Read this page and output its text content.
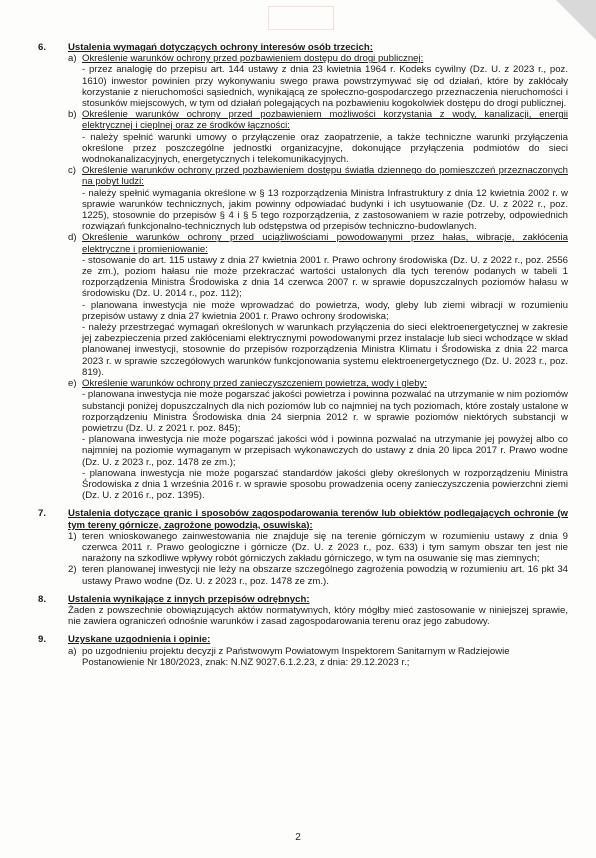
6. Ustalenia wymagań dotyczących ochrony interesów osób trzecich:
a) Określenie warunków ochrony przed pozbawieniem dostępu do drogi publicznej:

- przez analogię do przepisu art. 144 ustawy z dnia 23 kwietnia 1964 r. Kodeks cywilny (Dz. U. z 2023 r., poz. 1610) inwestor powinien przy wykonywaniu swego prawa powstrzymywać się od działań, które by zakłócały korzystanie z nieruchomości sąsiednich, wynikającą ze społeczno-gospodarczego przeznaczenia nieruchomości i stosunków miejscowych, w tym od działań polegających na pozbawieniu kogokolwiek dostępu do drogi publicznej.

b) Określenie warunków ochrony przed pozbawieniem możliwości korzystania z wody, kanalizacji, energii elektrycznej i cieplnej oraz ze środków łączności:

- należy spełnić warunki umowy o przyłączenie oraz zaopatrzenie, a także techniczne warunki przyłączenia określone przez poszczególne jednostki organizacyjne, dokonujące przyłączenia podmiotów do sieci wodnokanalizacyjnych, energetycznych i telekomunikacyjnych.

c) Określenie warunków ochrony przed pozbawieniem dostępu światła dziennego do pomieszczeń przeznaczonych na pobyt ludzi:

- należy spełnić wymagania określone w § 13 rozporządzenia Ministra Infrastruktury z dnia 12 kwietnia 2002 r. w sprawie warunków technicznych, jakim powinny odpowiadać budynki i ich usytuowanie (Dz. U. z 2022 r., poz. 1225), stosownie do przepisów § 4 i § 5 tego rozporządzenia, z zastosowaniem w razie potrzeby, odpowiednich rozwiązań funkcjonalno-technicznych lub odstępstwa od przepisów techniczno-budowlanych.

d) Określenie warunków ochrony przed uciążliwościami powodowanymi przez hałas, wibracje, zakłócenia elektryczne i promieniowanie:

- stosowanie do art. 115 ustawy z dnia 27 kwietnia 2001 r. Prawo ochrony środowiska (Dz. U. z 2022 r., poz. 2556 ze zm.), poziom hałasu nie może przekraczać wartości ustalonych dla tych terenów podanych w tabeli 1 rozporządzenia Ministra Środowiska z dnia 14 czerwca 2007 r. w sprawie dopuszczalnych poziomów hałasu w środowisku (Dz. U. 2014 r., poz. 112);

- planowana inwestycja nie może wprowadzać do powietrza, wody, gleby lub ziemi wibracji w rozumieniu przepisów ustawy z dnia 27 kwietnia 2001 r. Prawo ochrony środowiska;

- należy przestrzegać wymagań określonych w warunkach przyłączenia do sieci elektroenergetycznej w zakresie jej zabezpieczenia przed zakłóceniami elektrycznymi powodowanymi przez instalacje lub sieci wchodzące w skład planowanej inwestycji, stosownie do przepisów rozporządzenia Ministra Klimatu i Środowiska z dnia 22 marca 2023 r. w sprawie szczegółowych warunków funkcjonowania systemu elektroenergetycznego (Dz. U. 2023 r., poz. 819).

e) Określenie warunków ochrony przed zanieczyszczeniem powietrza, wody i gleby:

- planowana inwestycja nie może pogarszać jakości powietrza i powinna pozwalać na utrzymanie w nim poziomów substancji poniżej dopuszczalnych dla nich poziomów lub co najmniej na tych poziomach, które zostały ustalone w rozporządzeniu Ministra Środowiska dnia 24 sierpnia 2012 r. w sprawie poziomów niektórych substancji w powietrzu (Dz. U. z 2021 r. poz. 845);

- planowana inwestycja nie może pogarszać jakości wód i powinna pozwalać na utrzymanie jej powyżej albo co najmniej na poziomie wymaganym w przepisach wykonawczych do ustawy z dnia 20 lipca 2017 r. Prawo wodne (Dz. U. z 2023 r., poz. 1478 ze zm.);

- planowana inwestycja nie może pogarszać standardów jakości gleby określonych w rozporządzeniu Ministra Środowiska z dnia 1 września 2016 r. w sprawie sposobu prowadzenia oceny zanieczyszczenia powierzchni ziemi (Dz. U. z 2016 r., poz. 1395).

7. Ustalenia dotyczące granic i sposobów zagospodarowania terenów lub obiektów podlegających ochronie (w tym tereny górnicze, zagrożone powodzią, osuwiska):

1) teren wnioskowanego zainwestowania nie znajduje się na terenie górniczym w rozumieniu ustawy z dnia 9 czerwca 2011 r. Prawo geologiczne i górnicze (Dz. U. z 2023 r., poz. 633) i tym samym obszar ten jest nie narażony na szkodliwe wpływy robót górniczych zakładu górniczego, w tym na osuwanie się mas ziemnych;

2) teren planowanej inwestycji nie leży na obszarze szczególnego zagrożenia powodzią w rozumieniu art. 16 pkt 34 ustawy Prawo wodne (Dz. U. z 2023 r., poz. 1478 ze zm.).

8. Ustalenia wynikające z innych przepisów odrębnych:

Żaden z powszechnie obowiązujących aktów normatywnych, który mógłby mieć zastosowanie w niniejszej sprawie, nie zawiera ograniczeń odnośnie warunków i zasad zagospodarowania terenu oraz jego zabudowy.

9. Uzyskane uzgodnienia i opinie:

a) po uzgodnieniu projektu decyzji z Państwowym Powiatowym Inspektorem Sanitarnym w Radziejowie

Postanowienie Nr 180/2023, znak: N.NZ 9027.6.1.2.23, z dnia: 29.12.2023 r.;

2
